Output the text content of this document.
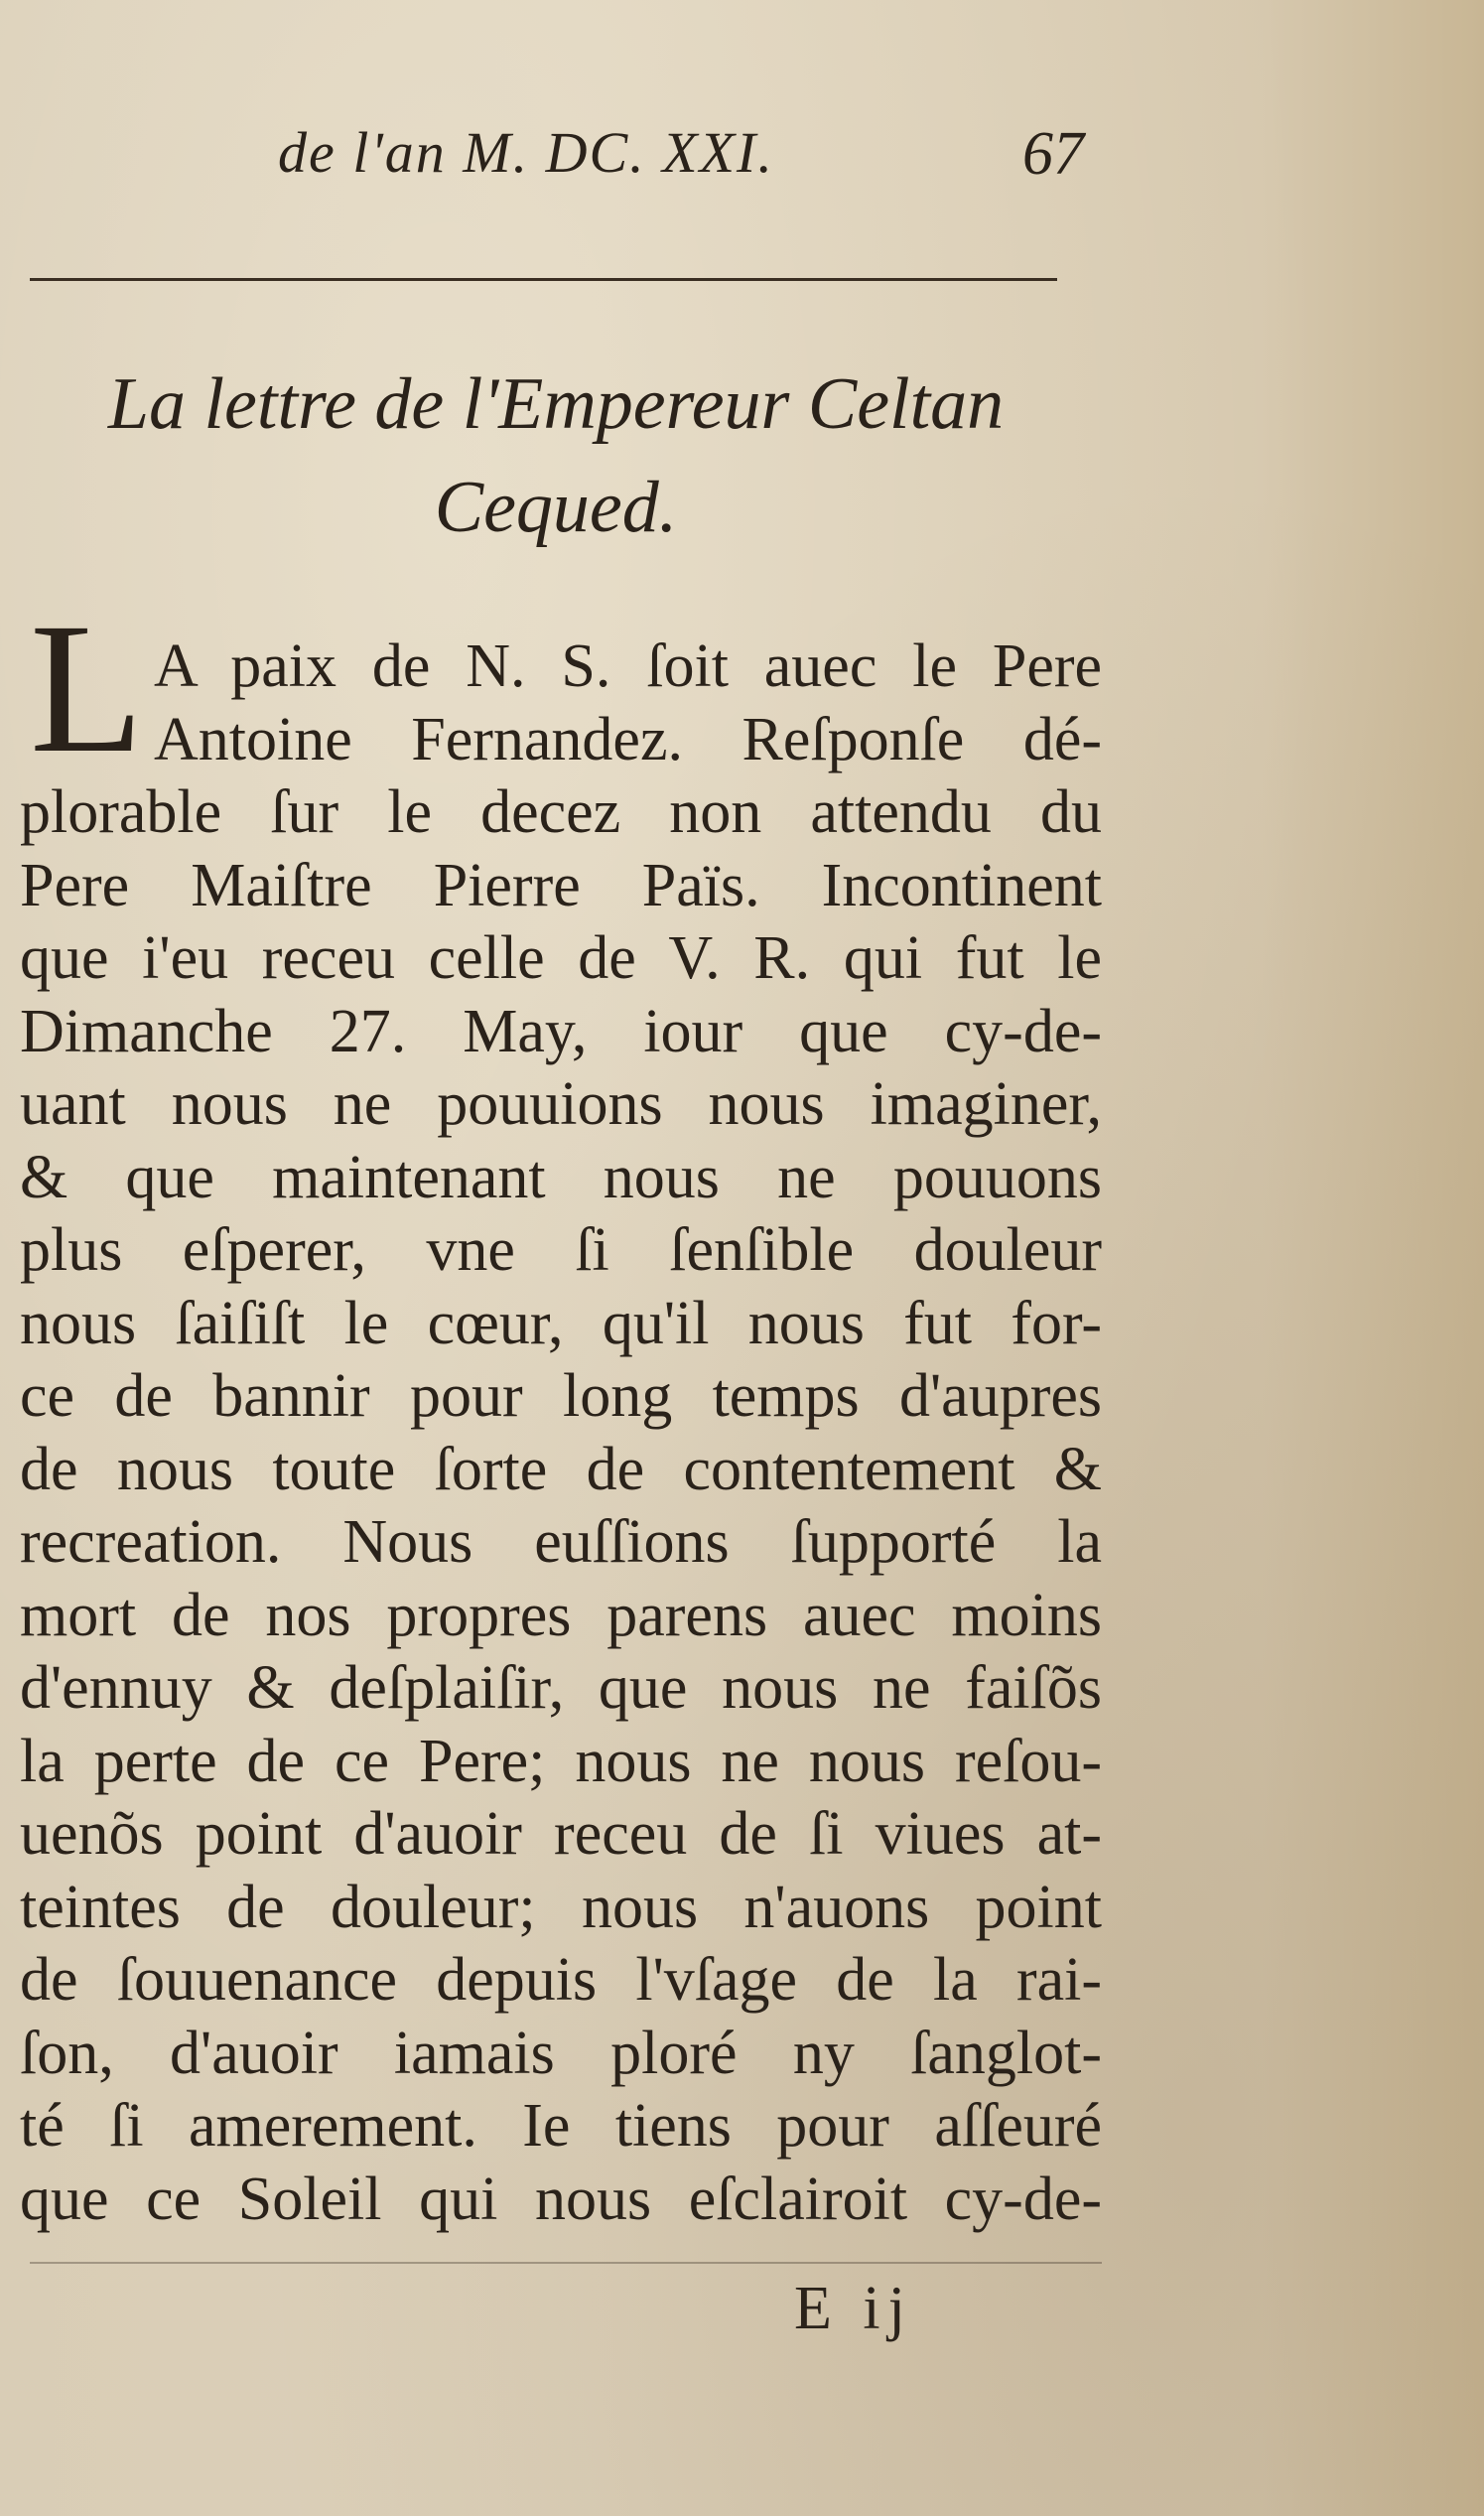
de l'an M. DC. XXI.	67
La lettre de l'Empereur Celtan
Cequed.
L A paix de N. S. ſoit auec le Pere
Antoine Fernandez. Reſponſe dé-
plorable ſur le decez non attendu du
Pere Maiſtre Pierre Païs. Incontinent
que i'eu receu celle de V. R. qui fut le
Dimanche 27. May, iour que cy-de-
uant nous ne pouuions nous imaginer,
& que maintenant nous ne pouuons
plus eſperer, vne ſi ſenſible douleur
nous ſaiſiſt le cœur, qu'il nous fut for-
ce de bannir pour long temps d'aupres
de nous toute ſorte de contentement &
recreation. Nous euſſions ſupporté la
mort de nos propres parens auec moins
d'ennuy & deſplaiſir, que nous ne faiſõs
la perte de ce Pere; nous ne nous reſou-
uenõs point d'auoir receu de ſi viues at-
teintes de douleur; nous n'auons point
de ſouuenance depuis l'vſage de la rai-
ſon, d'auoir iamais ploré ny ſanglot-
té ſi amerement. Ie tiens pour aſſeuré
que ce Soleil qui nous eſclairoit cy-de-
E ij
